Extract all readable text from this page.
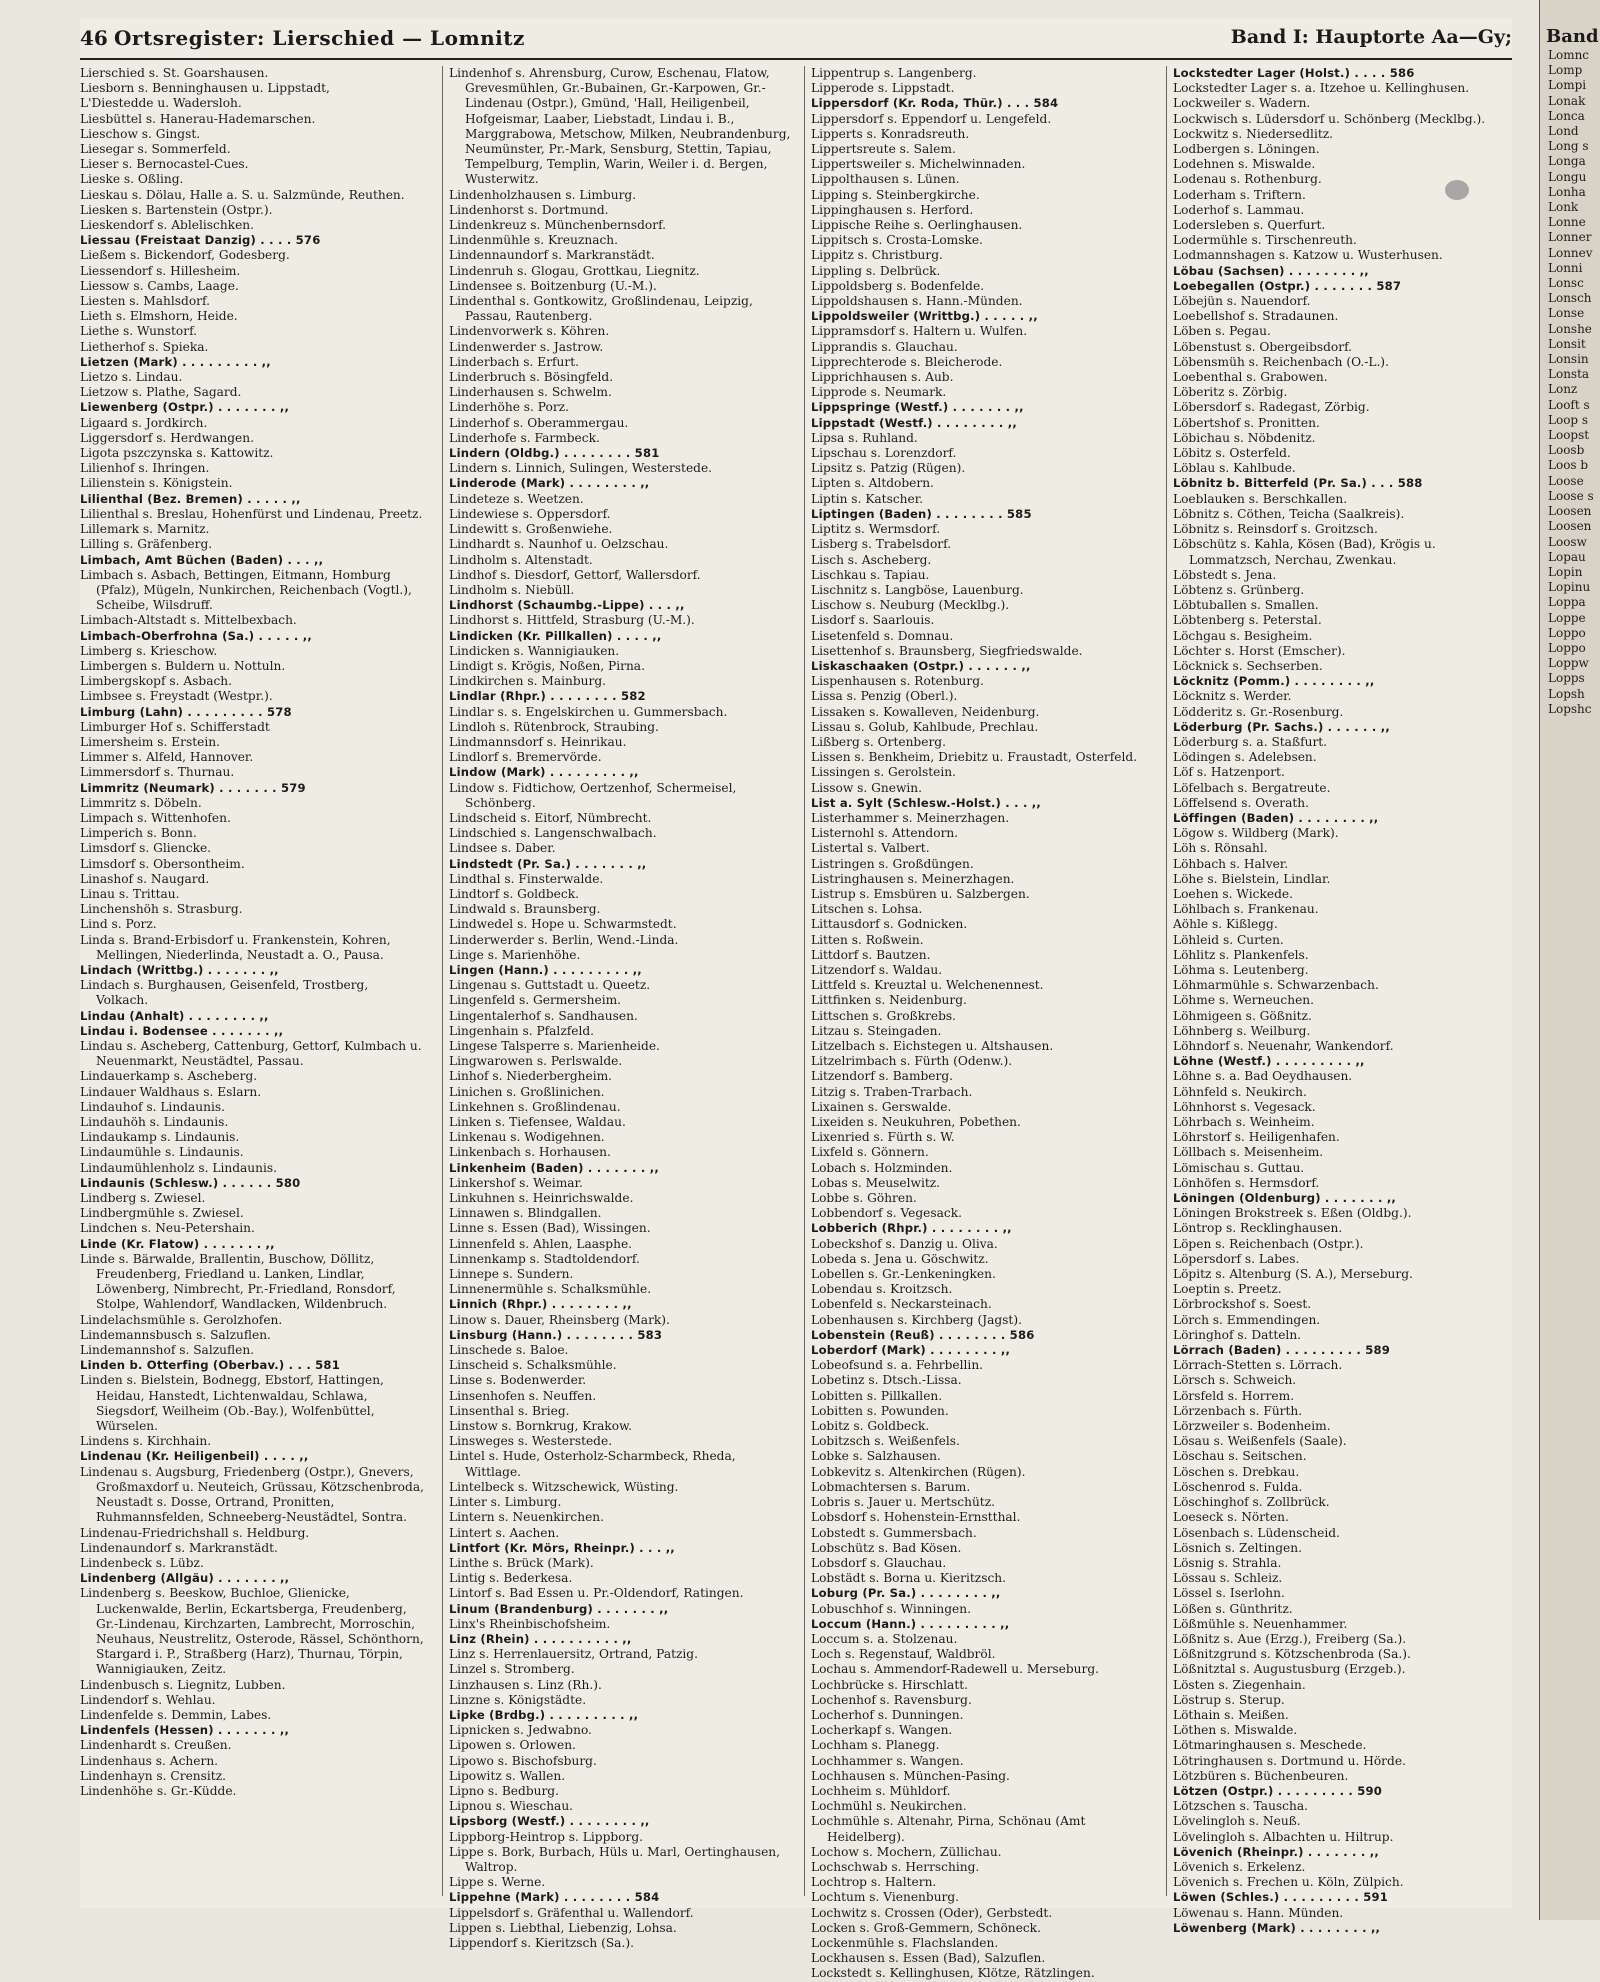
46 Ortsregister: Lierschied — Lomnitz	Band I: Hauptorte Aa—Gy;
Lierschied s. St. Goarshausen.
Liesborn s. Benninghausen u. Lippstadt,
L'Diestedde u. Wadersloh.
Liesbüttel s. Hanerau-Hademarschen.
Lieschow s. Gingst.
Liesegar s. Sommerfeld.
Lieser s. Bernocastel-Cues.
Lieske s. Oßling.
Lieskau s. Dölau, Halle a. S. u. Salzmünde, Reuthen.
Liesken s. Bartenstein (Ostpr.).
Lieskendorf s. Ablelischken.
Liessau (Freistaat Danzig) . . . . 576
Ließem s. Bickendorf, Godesberg.
Liessendorf s. Hillesheim.
Liessow s. Cambs, Laage.
Liesten s. Mahlsdorf.
Lieth s. Elmshorn, Heide.
Liethe s. Wunstorf.
Lietherhof s. Spieka.
Lietzen (Mark) . . . . . . . . . ,,
Lietzo s. Lindau.
Lietzow s. Plathe, Sagard.
Liewenberg (Ostpr.) . . . . . . . ,,
Ligaard s. Jordkirch.
Liggersdorf s. Herdwangen.
Ligota pszczynska s. Kattowitz.
Lilienhof s. Ihringen.
Lilienstein s. Königstein.
Lilienthal (Bez. Bremen) . . . . . ,,
Lilienthal s. Breslau, Hohenfürst und Lindenau, Preetz.
Lillemark s. Marnitz.
Lilling s. Gräfenberg.
Limbach, Amt Büchen (Baden) . . . ,,
Limbach s. Asbach, Bettingen, Eitmann, Homburg (Pfalz), Mügeln, Nunkirchen, Reichenbach (Vogtl.), Scheibe, Wilsdruff.
Limbach-Altstadt s. Mittelbexbach.
Limbach-Oberfrohna (Sa.) . . . . . ,,
Limberg s. Krieschow.
Limbergen s. Buldern u. Nottuln.
Limbergskopf s. Asbach.
Limbsee s. Freystadt (Westpr.).
Limburg (Lahn) . . . . . . . . . 578
Limburger Hof s. Schifferstadt
Limersheim s. Erstein.
Limmer s. Alfeld, Hannover.
Limmersdorf s. Thurnau.
Limmritz (Neumark) . . . . . . . 579
Limmritz s. Döbeln.
Limpach s. Wittenhofen.
Limperich s. Bonn.
Limsdorf s. Gliencke.
Limsdorf s. Obersontheim.
Linashof s. Naugard.
Linau s. Trittau.
Linchenshöh s. Strasburg.
Lind s. Porz.
Linda s. Brand-Erbisdorf u. Frankenstein, Kohren, Mellingen, Niederlinda, Neustadt a. O., Pausa.
Lindach (Writtbg.) . . . . . . . ,,
Lindach s. Burghausen, Geisenfeld, Trostberg, Volkach.
Lindau (Anhalt) . . . . . . . . ,,
Lindau i. Bodensee . . . . . . . ,,
Lindau s. Ascheberg, Cattenburg, Gettorf, Kulmbach u. Neuenmarkt, Neustädtel, Passau.
Lindauerkamp s. Ascheberg.
Lindauer Waldhaus s. Eslarn.
Lindauhof s. Lindaunis.
Lindauhöh s. Lindaunis.
Lindaukamp s. Lindaunis.
Lindaumühle s. Lindaunis.
Lindaumühlenholz s. Lindaunis.
Lindaunis (Schlesw.) . . . . . . 580
Lindberg s. Zwiesel.
Lindbergmühle s. Zwiesel.
Lindchen s. Neu-Petershain.
Linde (Kr. Flatow) . . . . . . . ,,
Linde s. Bärwalde, Brallentin, Buschow, Döllitz, Freudenberg, Friedland u. Lanken, Lindlar, Löwenberg, Nimbrecht, Pr.-Friedland, Ronsdorf, Stolpe, Wahlendorf, Wandlacken, Wildenbruch.
Lindelachsmühle s. Gerolzhofen.
Lindemannsbusch s. Salzuflen.
Lindemannshof s. Salzuflen.
Linden b. Otterfing (Oberbav.) . . . 581
Linden s. Bielstein, Bodnegg, Ebstorf, Hattingen, Heidau, Hanstedt, Lichtenwaldau, Schlawa, Siegsdorf, Weilheim (Ob.-Bay.), Wolfenbüttel, Würselen.
Lindens s. Kirchhain.
Lindenau (Kr. Heiligenbeil) . . . . ,,
Lindenau s. Augsburg, Friedenberg (Ostpr.), Gnevers, Großmaxdorf u. Neuteich, Grüssau, Kötzschenbroda, Neustadt s. Dosse, Ortrand, Pronitten, Ruhmannsfelden, Schneeberg-Neustädtel, Sontra.
Lindenau-Friedrichshall s. Heldburg.
Lindenaundorf s. Markranstädt.
Lindenbeck s. Lübz.
Lindenberg (Allgäu) . . . . . . . ,,
Lindenberg s. Beeskow, Buchloe, Glienicke, Luckenwalde, Berlin, Eckartsberga, Freudenberg, Gr.-Lindenau, Kirchzarten, Lambrecht, Morroschin, Neuhaus, Neustrelitz, Osterode, Rässel, Schönthorn, Stargard i. P., Straßberg (Harz), Thurnau, Törpin, Wannigiauken, Zeitz.
Lindenbusch s. Liegnitz, Lubben.
Lindendorf s. Wehlau.
Lindenfelde s. Demmin, Labes.
Lindenfels (Hessen) . . . . . . . ,,
Lindenhardt s. Creußen.
Lindenhaus s. Achern.
Lindenhayn s. Crensitz.
Lindenhöhe s. Gr.-Küdde.
Lindenhof s. Ahrensburg, Curow, Eschenau, Flatow, Grevesmühlen, Gr.-Bubainen, Gr.-Karpowen, Gr.-Lindenau (Ostpr.), Gmünd, 'Hall, Heiligenbeil, Hofgeismar, Laaber, Liebstadt, Lindau i. B., Marggrabowa, Metschow, Milken, Neubrandenburg, Neumünster, Pr.-Mark, Sensburg, Stettin, Tapiau, Tempelburg, Templin, Warin, Weiler i. d. Bergen, Wusterwitz.
Lindenholzhausen s. Limburg.
Lindenhorst s. Dortmund.
Lindenkreuz s. Münchenbernsdorf.
Lindenmühle s. Kreuznach.
Lindennaundorf s. Markranstädt.
Lindenruh s. Glogau, Grottkau, Liegnitz.
Lindensee s. Boitzenburg (U.-M.).
Lindenthal s. Gontkowitz, Großlindenau, Leipzig, Passau, Rautenberg.
Lindenvorwerk s. Köhren.
Lindenwerder s. Jastrow.
Linderbach s. Erfurt.
Linderbruch s. Bösingfeld.
Linderhausen s. Schwelm.
Linderhöhe s. Porz.
Linderhof s. Oberammergau.
Linderhofe s. Farmbeck.
Lindern (Oldbg.) . . . . . . . . 581
Lindern s. Linnich, Sulingen, Westerstede.
Linderode (Mark) . . . . . . . . ,,
Lindeteze s. Weetzen.
Lindewiese s. Oppersdorf.
Lindewitt s. Großenwiehe.
Lindhardt s. Naunhof u. Oelzschau.
Lindholm s. Altenstadt.
Lindhof s. Diesdorf, Gettorf, Wallersdorf.
Lindholm s. Niebüll.
Lindhorst (Schaumbg.-Lippe) . . . ,,
Lindhorst s. Hittfeld, Strasburg (U.-M.).
Lindicken (Kr. Pillkallen) . . . . ,,
Lindicken s. Wannigiauken.
Lindigt s. Krögis, Noßen, Pirna.
Lindkirchen s. Mainburg.
Lindlar (Rhpr.) . . . . . . . . 582
Lindlar s. s. Engelskirchen u. Gummersbach.
Lindloh s. Rütenbrock, Straubing.
Lindmannsdorf s. Heinrikau.
Lindlorf s. Bremervörde.
Lindow (Mark) . . . . . . . . . ,,
Lindow s. Fidtichow, Oertzenhof, Schermeisel, Schönberg.
Lindscheid s. Eitorf, Nümbrecht.
Lindschied s. Langenschwalbach.
Lindsee s. Daber.
Lindstedt (Pr. Sa.) . . . . . . . ,,
Lindthal s. Finsterwalde.
Lindtorf s. Goldbeck.
Lindwald s. Braunsberg.
Lindwedel s. Hope u. Schwarmstedt.
Linderwerder s. Berlin, Wend.-Linda.
Linge s. Marienhöhe.
Lingen (Hann.) . . . . . . . . . ,,
Lingenau s. Guttstadt u. Queetz.
Lingenfeld s. Germersheim.
Lingentalerhof s. Sandhausen.
Lingenhain s. Pfalzfeld.
Lingese Talsperre s. Marienheide.
Lingwarowen s. Perlswalde.
Linhof s. Niederbergheim.
Linichen s. Großlinichen.
Linkehnen s. Großlindenau.
Linken s. Tiefensee, Waldau.
Linkenau s. Wodigehnen.
Linkenbach s. Horhausen.
Linkenheim (Baden) . . . . . . . ,,
Linkershof s. Weimar.
Linkuhnen s. Heinrichswalde.
Linnawen s. Blindgallen.
Linne s. Essen (Bad), Wissingen.
Linnenfeld s. Ahlen, Laasphe.
Linnenkamp s. Stadtoldendorf.
Linnepe s. Sundern.
Linnenermühle s. Schalksmühle.
Linnich (Rhpr.) . . . . . . . . ,,
Linow s. Dauer, Rheinsberg (Mark).
Linsburg (Hann.) . . . . . . . . 583
Linschede s. Baloe.
Linscheid s. Schalksmühle.
Linse s. Bodenwerder.
Linsenhofen s. Neuffen.
Linsenthal s. Brieg.
Linstow s. Bornkrug, Krakow.
Linsweges s. Westerstede.
Lintel s. Hude, Osterholz-Scharmbeck, Rheda, Wittlage.
Lintelbeck s. Witzschewick, Wüsting.
Linter s. Limburg.
Lintern s. Neuenkirchen.
Lintert s. Aachen.
Lintfort (Kr. Mörs, Rheinpr.) . . . ,,
Linthe s. Brück (Mark).
Lintig s. Bederkesa.
Lintorf s. Bad Essen u. Pr.-Oldendorf, Ratingen.
Linum (Brandenburg) . . . . . . . ,,
Linx's Rheinbischofsheim.
Linz (Rhein) . . . . . . . . . . ,,
Linz s. Herrenlauersitz, Ortrand, Patzig.
Linzel s. Stromberg.
Linzhausen s. Linz (Rh.).
Linzne s. Königstädte.
Lipke (Brdbg.) . . . . . . . . . ,,
Lipnicken s. Jedwabno.
Lipowen s. Orlowen.
Lipowo s. Bischofsburg.
Lipowitz s. Wallen.
Lipno s. Bedburg.
Lipnou s. Wieschau.
Lipsborg (Westf.) . . . . . . . . ,,
Lippborg-Heintrop s. Lippborg.
Lippe s. Bork, Burbach, Hüls u. Marl, Oertinghausen, Waltrop.
Lippe s. Werne.
Lippehne (Mark) . . . . . . . . 584
Lippelsdorf s. Gräfenthal u. Wallendorf.
Lippen s. Liebthal, Liebenzig, Lohsa.
Lippendorf s. Kieritzsch (Sa.).
Lippentrup s. Langenberg.
Lipperode s. Lippstadt.
Lippersdorf (Kr. Roda, Thür.) . . . 584
Lippersdorf s. Eppendorf u. Lengefeld.
Lipperts s. Konradsreuth.
Lippertsreute s. Salem.
Lippertsweiler s. Michelwinnaden.
Lippolthausen s. Lünen.
Lipping s. Steinbergkirche.
Lippinghausen s. Herford.
Lippische Reihe s. Oerlinghausen.
Lippitsch s. Crosta-Lomske.
Lippitz s. Christburg.
Lippling s. Delbrück.
Lippoldsberg s. Bodenfelde.
Lippoldshausen s. Hann.-Münden.
Lippoldsweiler (Writtbg.) . . . . . ,,
Lippramsdorf s. Haltern u. Wulfen.
Lipprandis s. Glauchau.
Lipprechterode s. Bleicherode.
Lipprichhausen s. Aub.
Lipprode s. Neumark.
Lippspringe (Westf.) . . . . . . . ,,
Lippstadt (Westf.) . . . . . . . . ,,
Lipsa s. Ruhland.
Lipschau s. Lorenzdorf.
Lipsitz s. Patzig (Rügen).
Lipten s. Altdobern.
Liptin s. Katscher.
Liptingen (Baden) . . . . . . . . 585
Liptitz s. Wermsdorf.
Lisberg s. Trabelsdorf.
Lisch s. Ascheberg.
Lischkau s. Tapiau.
Lischnitz s. Langböse, Lauenburg.
Lischow s. Neuburg (Mecklbg.).
Lisdorf s. Saarlouis.
Lisetenfeld s. Domnau.
Lisettenhof s. Braunsberg, Siegfriedswalde.
Liskaschaaken (Ostpr.) . . . . . . ,,
Lispenhausen s. Rotenburg.
Lissa s. Penzig (Oberl.).
Lissaken s. Kowalleven, Neidenburg.
Lissau s. Golub, Kahlbude, Prechlau.
Lißberg s. Ortenberg.
Lissen s. Benkheim, Driebitz u. Fraustadt, Osterfeld.
Lissingen s. Gerolstein.
Lissow s. Gnewin.
List a. Sylt (Schlesw.-Holst.) . . . ,,
Listerhammer s. Meinerzhagen.
Listernohl s. Attendorn.
Listertal s. Valbert.
Listringen s. Großdüngen.
Listringhausen s. Meinerzhagen.
Listrup s. Emsbüren u. Salzbergen.
Litschen s. Lohsa.
Littausdorf s. Godnicken.
Litten s. Roßwein.
Littdorf s. Bautzen.
Litzendorf s. Waldau.
Littfeld s. Kreuztal u. Welchenennest.
Littfinken s. Neidenburg.
Littschen s. Großkrebs.
Litzau s. Steingaden.
Litzelbach s. Eichstegen u. Altshausen.
Litzelrimbach s. Fürth (Odenw.).
Litzendorf s. Bamberg.
Litzig s. Traben-Trarbach.
Lixainen s. Gerswalde.
Lixeiden s. Neukuhren, Pobethen.
Lixenried s. Fürth s. W.
Lixfeld s. Gönnern.
Lobach s. Holzminden.
Lobas s. Meuselwitz.
Lobbe s. Göhren.
Lobbendorf s. Vegesack.
Lobberich (Rhpr.) . . . . . . . . ,,
Lobeckshof s. Danzig u. Oliva.
Lobeda s. Jena u. Göschwitz.
Lobellen s. Gr.-Lenkeningken.
Lobendau s. Kroitzsch.
Lobenfeld s. Neckarsteinach.
Lobenhausen s. Kirchberg (Jagst).
Lobenstein (Reuß) . . . . . . . . 586
Loberdorf (Mark) . . . . . . . . ,,
Lobeofsund s. a. Fehrbellin.
Lobetinz s. Dtsch.-Lissa.
Lobitten s. Pillkallen.
Lobitten s. Powunden.
Lobitz s. Goldbeck.
Lobitzsch s. Weißenfels.
Lobke s. Salzhausen.
Lobkevitz s. Altenkirchen (Rügen).
Lobmachtersen s. Barum.
Lobris s. Jauer u. Mertschütz.
Lobsdorf s. Hohenstein-Ernstthal.
Lobstedt s. Gummersbach.
Lobschütz s. Bad Kösen.
Lobsdorf s. Glauchau.
Lobstädt s. Borna u. Kieritzsch.
Loburg (Pr. Sa.) . . . . . . . . ,,
Lobuschhof s. Winningen.
Loccum (Hann.) . . . . . . . . . ,,
Loccum s. a. Stolzenau.
Loch s. Regenstauf, Waldbröl.
Lochau s. Ammendorf-Radewell u. Merseburg.
Lochbrücke s. Hirschlatt.
Lochenhof s. Ravensburg.
Locherhof s. Dunningen.
Locherkapf s. Wangen.
Lochham s. Planegg.
Lochhammer s. Wangen.
Lochhausen s. München-Pasing.
Lochheim s. Mühldorf.
Lochmühl s. Neukirchen.
Lochmühle s. Altenahr, Pirna, Schönau (Amt Heidelberg).
Lochow s. Mochern, Züllichau.
Lochschwab s. Herrsching.
Lochtrop s. Haltern.
Lochtum s. Vienenburg.
Lochwitz s. Crossen (Oder), Gerbstedt.
Locken s. Groß-Gemmern, Schöneck.
Lockenmühle s. Flachslanden.
Lockhausen s. Essen (Bad), Salzuflen.
Lockstedt s. Kellinghusen, Klötze, Rätzlingen.
Lockstedter Lager (Holst.) . . . . 586
Lockstedter Lager s. a. Itzehoe u. Kellinghusen.
Lockweiler s. Wadern.
Lockwisch s. Lüdersdorf u. Schönberg (Mecklbg.).
Lockwitz s. Niedersedlitz.
Lodbergen s. Löningen.
Lodehnen s. Miswalde.
Lodenau s. Rothenburg.
Loderham s. Triftern.
Loderhof s. Lammau.
Lodersleben s. Querfurt.
Lodermühle s. Tirschenreuth.
Lodmannshagen s. Katzow u. Wusterhusen.
Löbau (Sachsen) . . . . . . . . ,,
Loebegallen (Ostpr.) . . . . . . . 587
Löbejün s. Nauendorf.
Loebellshof s. Stradaunen.
Löben s. Pegau.
Löbenstust s. Obergeibsdorf.
Löbensmüh s. Reichenbach (O.-L.).
Loebenthal s. Grabowen.
Löberitz s. Zörbig.
Löbersdorf s. Radegast, Zörbig.
Löbertshof s. Pronitten.
Löbichau s. Nöbdenitz.
Löbitz s. Osterfeld.
Löblau s. Kahlbude.
Löbnitz b. Bitterfeld (Pr. Sa.) . . . 588
Loeblauken s. Berschkallen.
Löbnitz s. Cöthen, Teicha (Saalkreis).
Löbnitz s. Reinsdorf s. Groitzsch.
Löbschütz s. Kahla, Kösen (Bad), Krögis u. Lommatzsch, Nerchau, Zwenkau.
Löbstedt s. Jena.
Löbtenz s. Grünberg.
Löbtuballen s. Smallen.
Löbtenberg s. Peterstal.
Löchgau s. Besigheim.
Löchter s. Horst (Emscher).
Löcknick s. Sechserben.
Löcknitz (Pomm.) . . . . . . . . ,,
Löcknitz s. Werder.
Lödderitz s. Gr.-Rosenburg.
Löderburg (Pr. Sachs.) . . . . . . ,,
Löderburg s. a. Staßfurt.
Lödingen s. Adelebsen.
Löf s. Hatzenport.
Löfelbach s. Bergatreute.
Löffelsend s. Overath.
Löffingen (Baden) . . . . . . . . ,,
Lögow s. Wildberg (Mark).
Löh s. Rönsahl.
Löhbach s. Halver.
Löhe s. Bielstein, Lindlar.
Loehen s. Wickede.
Löhlbach s. Frankenau.
Aöhle s. Kißlegg.
Löhleid s. Curten.
Löhlitz s. Plankenfels.
Löhma s. Leutenberg.
Löhmarmühle s. Schwarzenbach.
Löhme s. Werneuchen.
Löhmigeen s. Gößnitz.
Löhnberg s. Weilburg.
Löhndorf s. Neuenahr, Wankendorf.
Löhne (Westf.) . . . . . . . . . ,,
Löhne s. a. Bad Oeydhausen.
Löhnfeld s. Neukirch.
Löhnhorst s. Vegesack.
Löhrbach s. Weinheim.
Löhrstorf s. Heiligenhafen.
Löllbach s. Meisenheim.
Lömischau s. Guttau.
Lönhöfen s. Hermsdorf.
Löningen (Oldenburg) . . . . . . . ,,
Löningen Brokstreek s. Eßen (Oldbg.).
Löntrop s. Recklinghausen.
Löpen s. Reichenbach (Ostpr.).
Löpersdorf s. Labes.
Löpitz s. Altenburg (S. A.), Merseburg.
Loeptin s. Preetz.
Lörbrockshof s. Soest.
Lörch s. Emmendingen.
Löringhof s. Datteln.
Lörrach (Baden) . . . . . . . . . 589
Lörrach-Stetten s. Lörrach.
Lörsch s. Schweich.
Lörsfeld s. Horrem.
Lörzenbach s. Fürth.
Lörzweiler s. Bodenheim.
Lösau s. Weißenfels (Saale).
Löschau s. Seitschen.
Löschen s. Drebkau.
Löschenrod s. Fulda.
Löschinghof s. Zollbrück.
Loeseck s. Nörten.
Lösenbach s. Lüdenscheid.
Lösnich s. Zeltingen.
Lösnig s. Strahla.
Lössau s. Schleiz.
Lössel s. Iserlohn.
Lößen s. Günthritz.
Lößmühle s. Neuenhammer.
Lößnitz s. Aue (Erzg.), Freiberg (Sa.).
Lößnitzgrund s. Kötzschenbroda (Sa.).
Lößnitztal s. Augustusburg (Erzgeb.).
Lösten s. Ziegenhain.
Löstrup s. Sterup.
Löthain s. Meißen.
Löthen s. Miswalde.
Lötmaringhausen s. Meschede.
Lötringhausen s. Dortmund u. Hörde.
Lötzbüren s. Büchenbeuren.
Lötzen (Ostpr.) . . . . . . . . . 590
Lötzschen s. Tauscha.
Lövelingloh s. Neuß.
Lövelingloh s. Albachten u. Hiltrup.
Lövenich (Rheinpr.) . . . . . . . ,,
Lövenich s. Erkelenz.
Lövenich s. Frechen u. Köln, Zülpich.
Löwen (Schles.) . . . . . . . . . 591
Löwenau s. Hann. Münden.
Löwenberg (Mark) . . . . . . . . ,,
Band
Lomnc
Lomp
Lompi
Lonak
Lonca
Lond
Long s
Longa
Longu
Lonha
Lonk
Lonne
Lonner
Lonnev
Lonni
Lonsc
Lonsch
Lonse
Lonshe
Lonsit
Lonsin
Lonsta
Lonz
Looft s
Loop s
Loopst
Loosb
Loos b
Loose
Loose s
Loosen
Loosen
Loosw
Lopau
Lopin
Lopinu
Loppa
Loppe
Loppo
Loppo
Loppw
Lopps
Lopsh
Lopshc
